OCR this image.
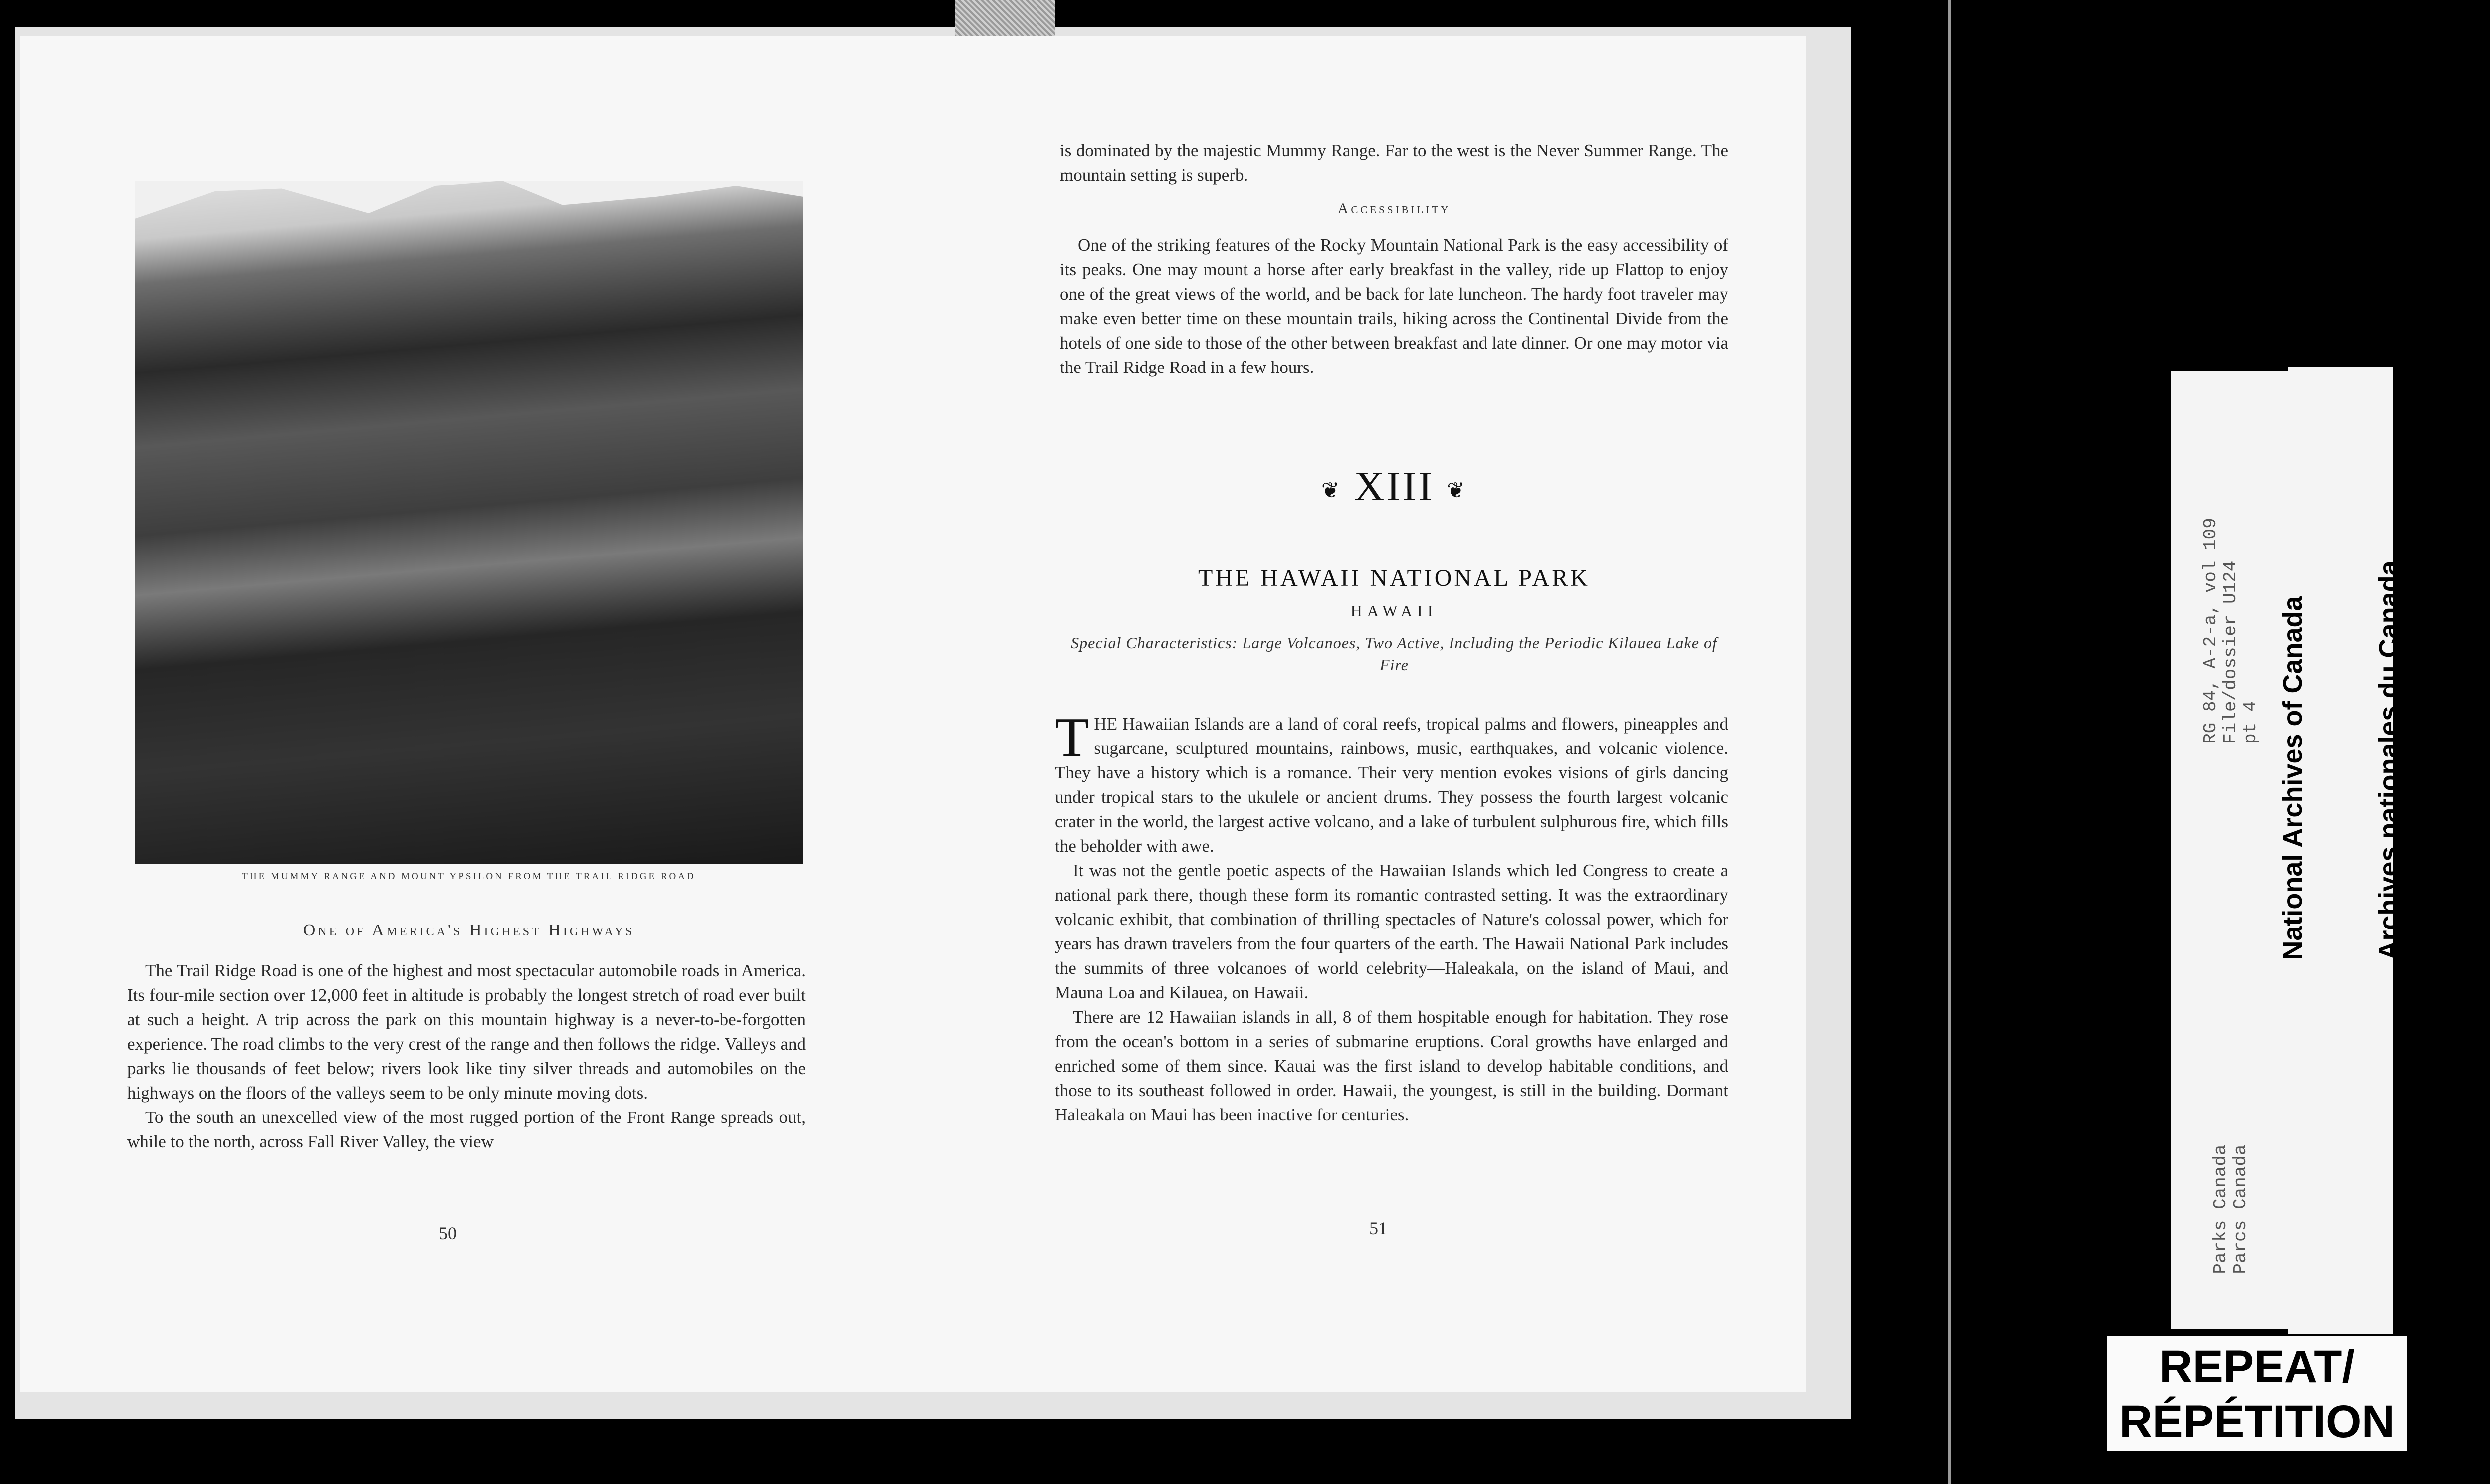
THE MUMMY RANGE AND MOUNT YPSILON FROM THE TRAIL RIDGE ROAD
One of America's Highest Highways

The Trail Ridge Road is one of the highest and most spectacular automobile roads in America. Its four-mile section over 12,000 feet in altitude is probably the longest stretch of road ever built at such a height. A trip across the park on this mountain highway is a never-to-be-forgotten experience. The road climbs to the very crest of the range and then follows the ridge. Valleys and parks lie thousands of feet below; rivers look like tiny silver threads and automobiles on the highways on the floors of the valleys seem to be only minute moving dots.

To the south an unexcelled view of the most rugged portion of the Front Range spreads out, while to the north, across Fall River Valley, the view

50

is dominated by the majestic Mummy Range. Far to the west is the Never Summer Range. The mountain setting is superb.

Accessibility

One of the striking features of the Rocky Mountain National Park is the easy accessibility of its peaks. One may mount a horse after early breakfast in the valley, ride up Flattop to enjoy one of the great views of the world, and be back for late luncheon. The hardy foot traveler may make even better time on these mountain trails, hiking across the Continental Divide from the hotels of one side to those of the other between breakfast and late dinner. Or one may motor via the Trail Ridge Road in a few hours.

❦ XIII ❦
THE HAWAII NATIONAL PARK
HAWAII
Special Characteristics: Large Volcanoes, Two Active, Including the Periodic Kilauea Lake of Fire

THE Hawaiian Islands are a land of coral reefs, tropical palms and flowers, pineapples and sugarcane, sculptured mountains, rainbows, music, earthquakes, and volcanic violence. They have a history which is a romance. Their very mention evokes visions of girls dancing under tropical stars to the ukulele or ancient drums. They possess the fourth largest volcanic crater in the world, the largest active volcano, and a lake of turbulent sulphurous fire, which fills the beholder with awe.

It was not the gentle poetic aspects of the Hawaiian Islands which led Congress to create a national park there, though these form its romantic contrasted setting. It was the extraordinary volcanic exhibit, that combination of thrilling spectacles of Nature's colossal power, which for years has drawn travelers from the four quarters of the earth. The Hawaii National Park includes the summits of three volcanoes of world celebrity—Haleakala, on the island of Maui, and Mauna Loa and Kilauea, on Hawaii.

There are 12 Hawaiian islands in all, 8 of them hospitable enough for habitation. They rose from the ocean's bottom in a series of submarine eruptions. Coral growths have enlarged and enriched some of them since. Kauai was the first island to develop habitable conditions, and those to its southeast followed in order. Hawaii, the youngest, is still in the building. Dormant Haleakala on Maui has been inactive for centuries.

51
RG 84, A-2-a, vol 109
File/dossier U124
pt 4
Parks Canada
Parcs Canada

National Archives of Canada

Archives nationales du Canada

REPEAT/
RÉPÉTITION
